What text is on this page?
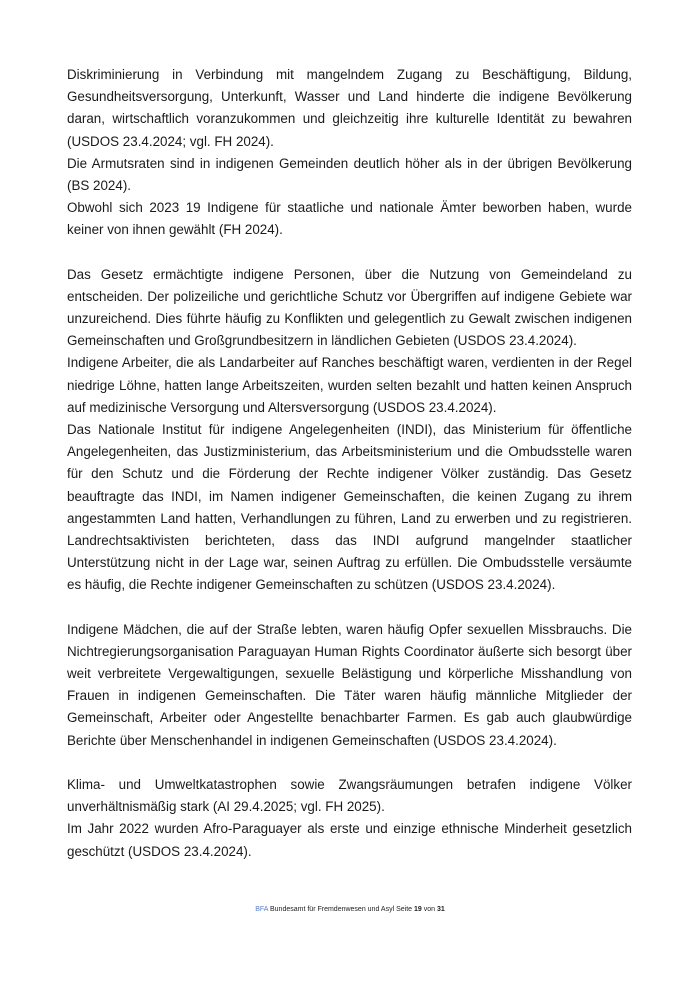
Diskriminierung in Verbindung mit mangelndem Zugang zu Beschäftigung, Bildung, Gesundheitsversorgung, Unterkunft, Wasser und Land hinderte die indigene Bevölkerung daran, wirtschaftlich voranzukommen und gleichzeitig ihre kulturelle Identität zu bewahren (USDOS 23.4.2024; vgl. FH 2024).

Die Armutsraten sind in indigenen Gemeinden deutlich höher als in der übrigen Bevölkerung (BS 2024).

Obwohl sich 2023 19 Indigene für staatliche und nationale Ämter beworben haben, wurde keiner von ihnen gewählt (FH 2024).

Das Gesetz ermächtigte indigene Personen, über die Nutzung von Gemeindeland zu entscheiden. Der polizeiliche und gerichtliche Schutz vor Übergriffen auf indigene Gebiete war unzureichend. Dies führte häufig zu Konflikten und gelegentlich zu Gewalt zwischen indigenen Gemeinschaften und Großgrundbesitzern in ländlichen Gebieten (USDOS 23.4.2024).

Indigene Arbeiter, die als Landarbeiter auf Ranches beschäftigt waren, verdienten in der Regel niedrige Löhne, hatten lange Arbeitszeiten, wurden selten bezahlt und hatten keinen Anspruch auf medizinische Versorgung und Altersversorgung (USDOS 23.4.2024).

Das Nationale Institut für indigene Angelegenheiten (INDI), das Ministerium für öffentliche Angelegenheiten, das Justizministerium, das Arbeitsministerium und die Ombudsstelle waren für den Schutz und die Förderung der Rechte indigener Völker zuständig. Das Gesetz beauftragte das INDI, im Namen indigener Gemeinschaften, die keinen Zugang zu ihrem angestammten Land hatten, Verhandlungen zu führen, Land zu erwerben und zu registrieren. Landrechtsaktivisten berichteten, dass das INDI aufgrund mangelnder staatlicher Unterstützung nicht in der Lage war, seinen Auftrag zu erfüllen. Die Ombudsstelle versäumte es häufig, die Rechte indigener Gemeinschaften zu schützen (USDOS 23.4.2024).

Indigene Mädchen, die auf der Straße lebten, waren häufig Opfer sexuellen Missbrauchs. Die Nichtregierungsorganisation Paraguayan Human Rights Coordinator äußerte sich besorgt über weit verbreitete Vergewaltigungen, sexuelle Belästigung und körperliche Misshandlung von Frauen in indigenen Gemeinschaften. Die Täter waren häufig männliche Mitglieder der Gemeinschaft, Arbeiter oder Angestellte benachbarter Farmen. Es gab auch glaubwürdige Berichte über Menschenhandel in indigenen Gemeinschaften (USDOS 23.4.2024).

Klima- und Umweltkatastrophen sowie Zwangsräumungen betrafen indigene Völker unverhältnismäßig stark (AI 29.4.2025; vgl. FH 2025).

Im Jahr 2022 wurden Afro-Paraguayer als erste und einzige ethnische Minderheit gesetzlich geschützt (USDOS 23.4.2024).

BFA Bundesamt für Fremdenwesen und Asyl Seite 19 von 31
